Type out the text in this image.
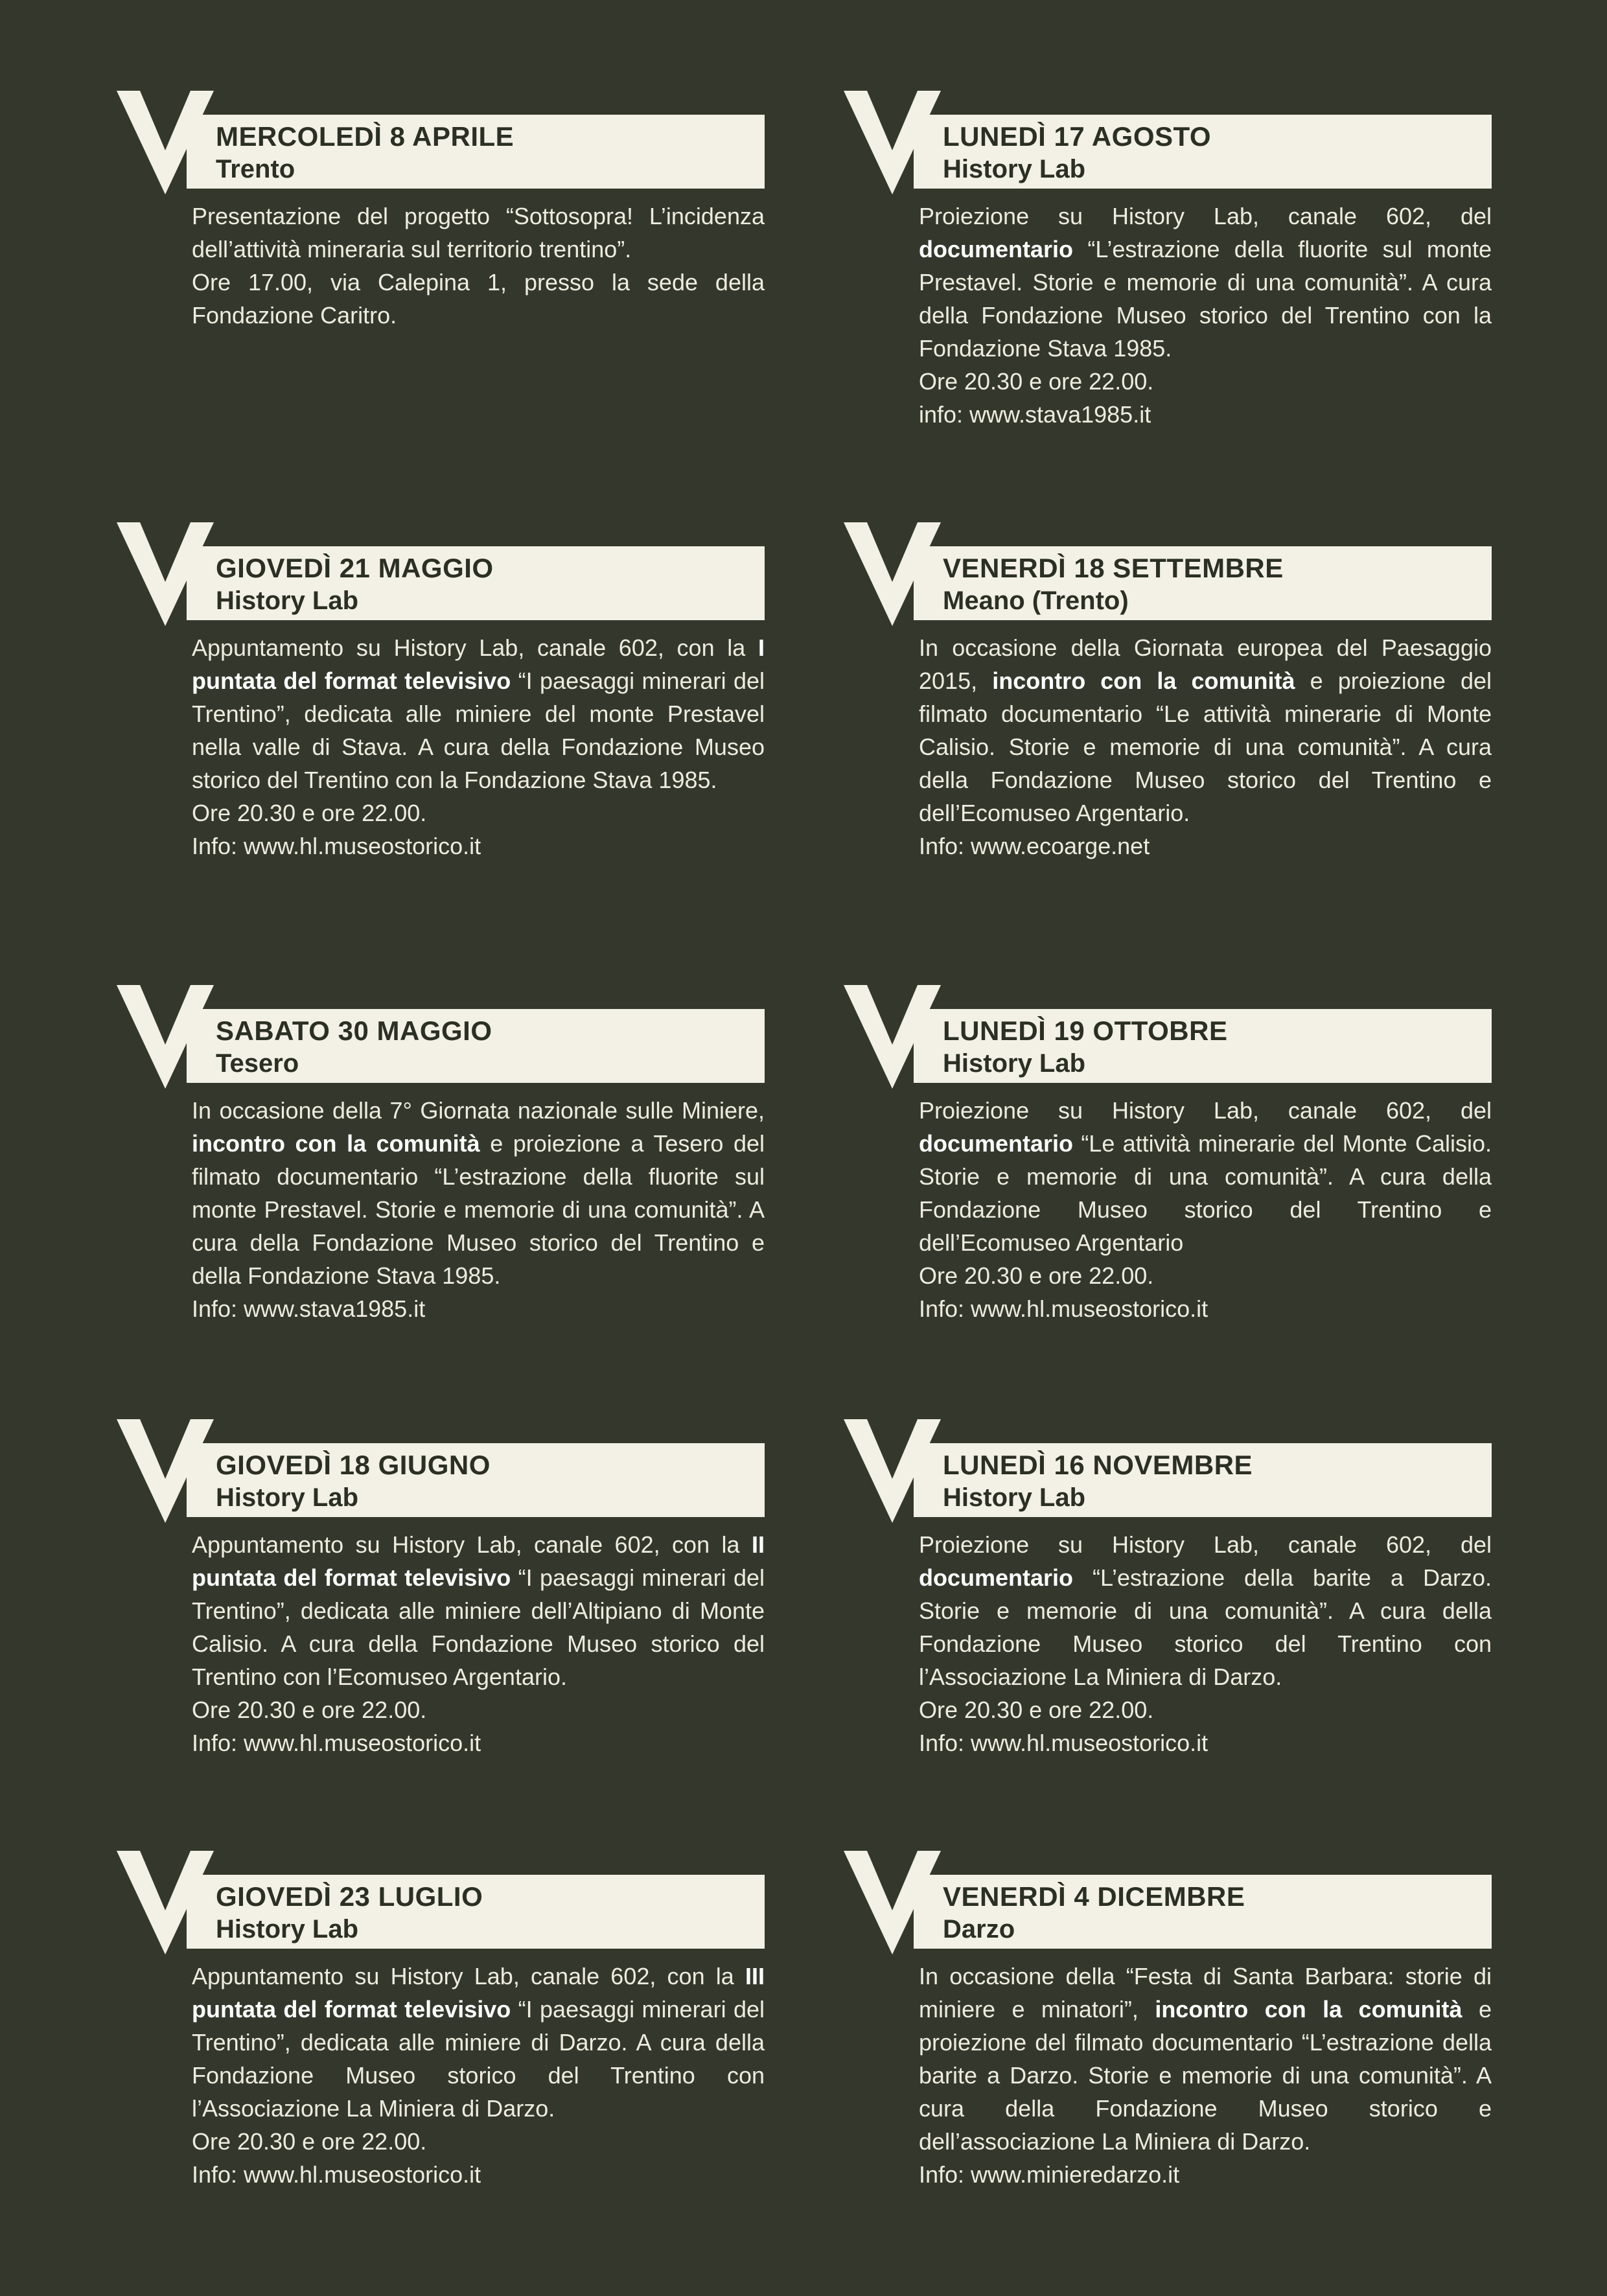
MERCOLEDÌ 8 APRILE
Trento
Presentazione del progetto “Sottosopra! L’incidenza dell’attività mineraria sul territorio trentino”.
Ore 17.00, via Calepina 1, presso la sede della Fondazione Caritro.
LUNEDÌ 17 AGOSTO
History Lab
Proiezione su History Lab, canale 602, del documentario “L’estrazione della fluorite sul monte Prestavel. Storie e memorie di una comunità”. A cura della Fondazione Museo storico del Trentino con la Fondazione Stava 1985.
Ore 20.30 e ore 22.00.
info: www.stava1985.it
GIOVEDÌ 21 MAGGIO
History Lab
Appuntamento su History Lab, canale 602, con la I puntata del format televisivo “I paesaggi minerari del Trentino”, dedicata alle miniere del monte Prestavel nella valle di Stava. A cura della Fondazione Museo storico del Trentino con la Fondazione Stava 1985.
Ore 20.30 e ore 22.00.
Info: www.hl.museostorico.it
VENERDÌ 18 SETTEMBRE
Meano (Trento)
In occasione della Giornata europea del Paesaggio 2015, incontro con la comunità e proiezione del filmato documentario “Le attività minerarie di Monte Calisio. Storie e memorie di una comunità”. A cura della Fondazione Museo storico del Trentino e dell’Ecomuseo Argentario.
Info: www.ecoarge.net
SABATO 30 MAGGIO
Tesero
In occasione della 7° Giornata nazionale sulle Miniere, incontro con la comunità e proiezione a Tesero del filmato documentario “L’estrazione della fluorite sul monte Prestavel. Storie e memorie di una comunità”. A cura della Fondazione Museo storico del Trentino e della Fondazione Stava 1985.
Info: www.stava1985.it
LUNEDÌ 19 OTTOBRE
History Lab
Proiezione su History Lab, canale 602, del documentario “Le attività minerarie del Monte Calisio. Storie e memorie di una comunità”. A cura della Fondazione Museo storico del Trentino e dell’Ecomuseo Argentario
Ore 20.30 e ore 22.00.
Info: www.hl.museostorico.it
GIOVEDÌ 18 GIUGNO
History Lab
Appuntamento su History Lab, canale 602, con la II puntata del format televisivo “I paesaggi minerari del Trentino”, dedicata alle miniere dell’Altipiano di Monte Calisio. A cura della Fondazione Museo storico del Trentino con l’Ecomuseo Argentario.
Ore 20.30 e ore 22.00.
Info: www.hl.museostorico.it
LUNEDÌ 16 NOVEMBRE
History Lab
Proiezione su History Lab, canale 602, del documentario “L’estrazione della barite a Darzo. Storie e memorie di una comunità”. A cura della Fondazione Museo storico del Trentino con l’Associazione La Miniera di Darzo.
Ore 20.30 e ore 22.00.
Info: www.hl.museostorico.it
GIOVEDÌ 23 LUGLIO
History Lab
Appuntamento su History Lab, canale 602, con la III puntata del format televisivo “I paesaggi minerari del Trentino”, dedicata alle miniere di Darzo. A cura della Fondazione Museo storico del Trentino con l’Associazione La Miniera di Darzo.
Ore 20.30 e ore 22.00.
Info: www.hl.museostorico.it
VENERDÌ 4 DICEMBRE
Darzo
In occasione della “Festa di Santa Barbara: storie di miniere e minatori”, incontro con la comunità e proiezione del filmato documentario “L’estrazione della barite a Darzo. Storie e memorie di una comunità”. A cura della Fondazione Museo storico e dell’associazione La Miniera di Darzo.
Info: www.minieredarzo.it
